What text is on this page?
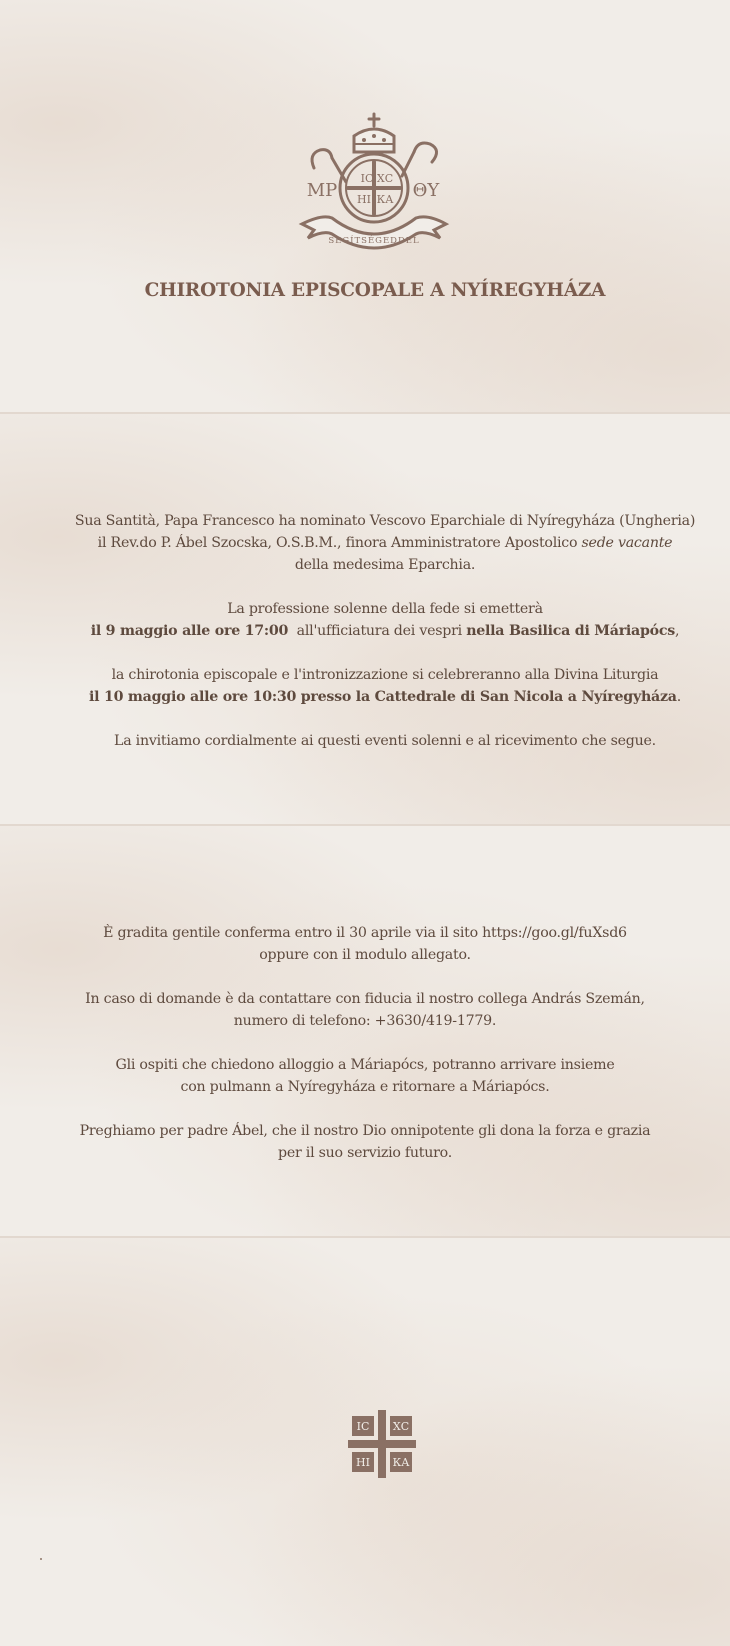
ІС ХС
НІ КА
МР	ΘΥ
SEGÍTSÉGEDDEL
CHIROTONIA EPISCOPALE A NYÍREGYHÁZA

Sua Santità, Papa Francesco ha nominato Vescovo Eparchiale di Nyíregyháza (Ungheria)
il Rev.do P. Ábel Szocska, O.S.B.M., finora Amministratore Apostolico sede vacante
della medesima Eparchia.

La professione solenne della fede si emetterà
il 9 maggio alle ore 17:00  all'ufficiatura dei vespri nella Basilica di Máriapócs,

la chirotonia episcopale e l'intronizzazione si celebreranno alla Divina Liturgia
il 10 maggio alle ore 10:30 presso la Cattedrale di San Nicola a Nyíregyháza.

La invitiamo cordialmente ai questi eventi solenni e al ricevimento che segue.

È gradita gentile conferma entro il 30 aprile via il sito https://goo.gl/fuXsd6
oppure con il modulo allegato.

In caso di domande è da contattare con fiducia il nostro collega András Szemán,
numero di telefono: +3630/419-1779.

Gli ospiti che chiedono alloggio a Máriapócs, potranno arrivare insieme
con pulmann a Nyíregyháza e ritornare a Máriapócs.

Preghiamo per padre Ábel, che il nostro Dio onnipotente gli dona la forza e grazia
per il suo servizio futuro.

ІС ХС
НІ КА
